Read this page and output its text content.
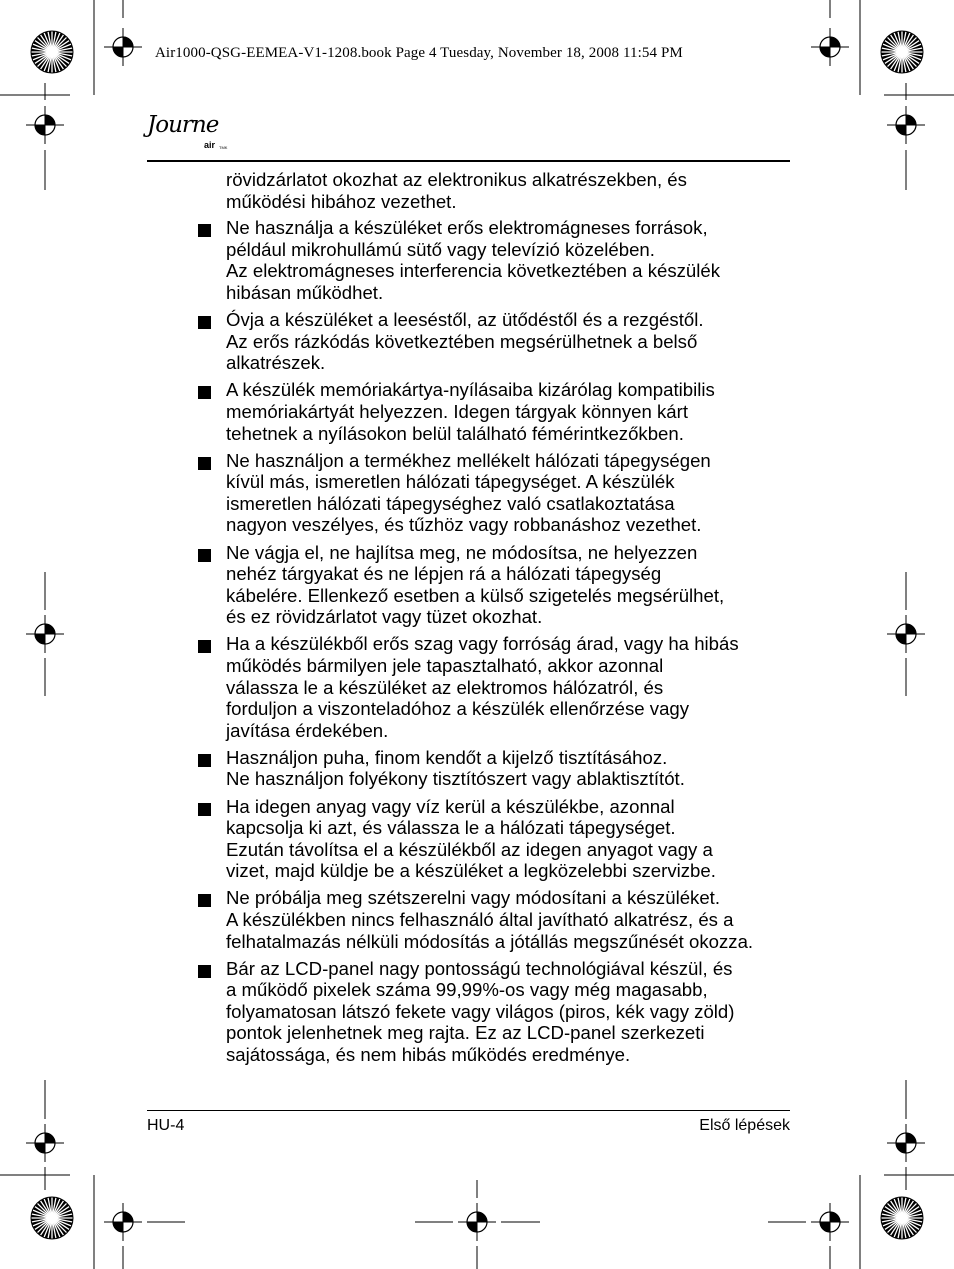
Air1000-QSG-EEMEA-V1-1208.book Page 4 Tuesday, November 18, 2008 11:54 PM
Journe
air TMK

rövidzárlatot okozhat az elektronikus alkatrészekben, és
működési hibához vezethet.

Ne használja a készüléket erős elektromágneses források,
például mikrohullámú sütő vagy televízió közelében.
Az elektromágneses interferencia következtében a készülék
hibásan működhet.
Óvja a készüléket a leeséstől, az ütődéstől és a rezgéstől.
Az erős rázkódás következtében megsérülhetnek a belső
alkatrészek.
A készülék memóriakártya-nyílásaiba kizárólag kompatibilis
memóriakártyát helyezzen. Idegen tárgyak könnyen kárt
tehetnek a nyílásokon belül található fémérintkezőkben.
Ne használjon a termékhez mellékelt hálózati tápegységen
kívül más, ismeretlen hálózati tápegységet. A készülék
ismeretlen hálózati tápegységhez való csatlakoztatása
nagyon veszélyes, és tűzhöz vagy robbanáshoz vezethet.
Ne vágja el, ne hajlítsa meg, ne módosítsa, ne helyezzen
nehéz tárgyakat és ne lépjen rá a hálózati tápegység
kábelére. Ellenkező esetben a külső szigetelés megsérülhet,
és ez rövidzárlatot vagy tüzet okozhat.
Ha a készülékből erős szag vagy forróság árad, vagy ha hibás
működés bármilyen jele tapasztalható, akkor azonnal
válassza le a készüléket az elektromos hálózatról, és
forduljon a viszonteladóhoz a készülék ellenőrzése vagy
javítása érdekében.
Használjon puha, finom kendőt a kijelző tisztításához.
Ne használjon folyékony tisztítószert vagy ablaktisztítót.
Ha idegen anyag vagy víz kerül a készülékbe, azonnal
kapcsolja ki azt, és válassza le a hálózati tápegységet.
Ezután távolítsa el a készülékből az idegen anyagot vagy a
vizet, majd küldje be a készüléket a legközelebbi szervizbe.
Ne próbálja meg szétszerelni vagy módosítani a készüléket.
A készülékben nincs felhasználó által javítható alkatrész, és a
felhatalmazás nélküli módosítás a jótállás megszűnését okozza.
Bár az LCD-panel nagy pontosságú technológiával készül, és
a működő pixelek száma 99,99%-os vagy még magasabb,
folyamatosan látszó fekete vagy világos (piros, kék vagy zöld)
pontok jelenhetnek meg rajta. Ez az LCD-panel szerkezeti
sajátossága, és nem hibás működés eredménye.
HU-4	Első lépések
